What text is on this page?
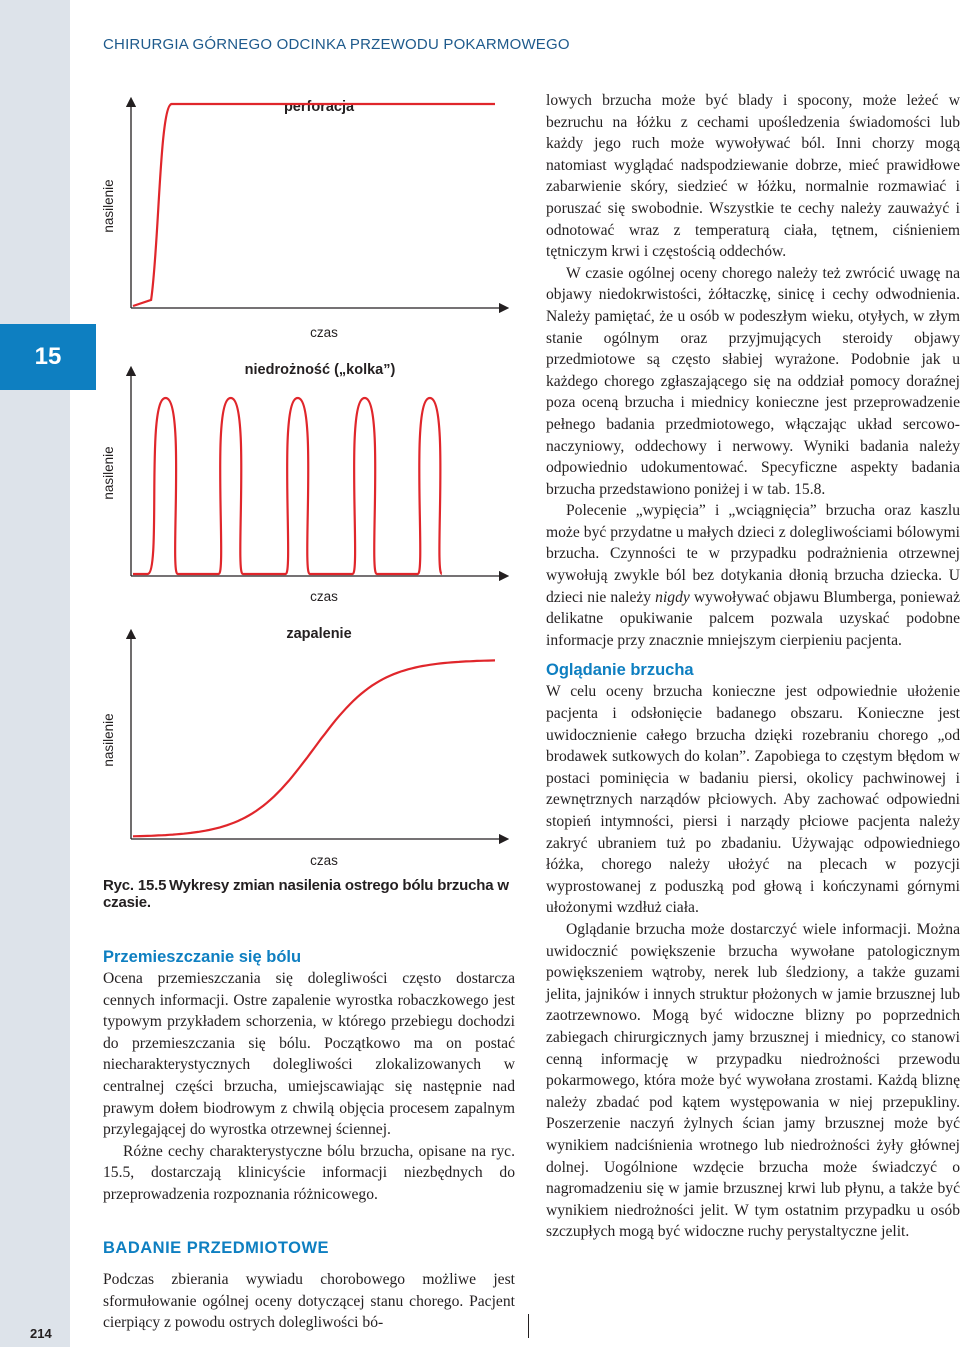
15
214
CHIRURGIA GÓRNEGO ODCINKA PRZEWODU POKARMOWEGO
perforacja
nasilenie
czas
niedrożność („kolka”)
nasilenie
czas
zapalenie
nasilenie
czas
Ryc. 15.5 Wykresy zmian nasilenia ostrego bólu brzucha w czasie.
Przemieszczanie się bólu

Ocena przemieszczania się dolegliwości często dostarcza cennych informacji. Ostre zapalenie wyrostka robaczkowego jest typowym przykładem schorzenia, w którego przebiegu dochodzi do przemieszczania się bólu. Początkowo ma on postać niecharakterystycznych dolegliwości zlokalizowanych w centralnej części brzucha, umiejscawiając się następnie nad prawym dołem biodrowym z chwilą objęcia procesem zapalnym przylegającej do wyrostka otrzewnej ściennej.

Różne cechy charakterystyczne bólu brzucha, opisane na ryc. 15.5, dostarczają klinicyście informacji niezbędnych do przeprowadzenia rozpoznania różnicowego.

BADANIE PRZEDMIOTOWE

Podczas zbierania wywiadu chorobowego możliwe jest sformułowanie ogólnej oceny dotyczącej stanu chorego. Pacjent cierpiący z powodu ostrych dolegliwości bó-

lowych brzucha może być blady i spocony, może leżeć w bezruchu na łóżku z cechami upośledzenia świadomości lub każdy jego ruch może wywoływać ból. Inni chorzy mogą natomiast wyglądać nadspodziewanie dobrze, mieć prawidłowe zabarwienie skóry, siedzieć w łóżku, normalnie rozmawiać i poruszać się swobodnie. Wszystkie te cechy należy zauważyć i odnotować wraz z temperaturą ciała, tętnem, ciśnieniem tętniczym krwi i częstością oddechów.

W czasie ogólnej oceny chorego należy też zwrócić uwagę na objawy niedokrwistości, żółtaczkę, sinicę i cechy odwodnienia. Należy pamiętać, że u osób w podeszłym wieku, otyłych, w złym stanie ogólnym oraz przyjmujących steroidy objawy przedmiotowe są często słabiej wyrażone. Podobnie jak u każdego chorego zgłaszającego się na oddział pomocy doraźnej poza oceną brzucha i miednicy konieczne jest przeprowadzenie pełnego badania przedmiotowego, włączając układ sercowo-naczyniowy, oddechowy i nerwowy. Wyniki badania należy odpowiednio udokumentować. Specyficzne aspekty badania brzucha przedstawiono poniżej i w tab. 15.8.

Polecenie „wypięcia” i „wciągnięcia” brzucha oraz kaszlu może być przydatne u małych dzieci z dolegliwościami bólowymi brzucha. Czynności te w przypadku podrażnienia otrzewnej wywołują zwykle ból bez dotykania dłonią brzucha dziecka. U dzieci nie należy nigdy wywoływać objawu Blumberga, ponieważ delikatne opukiwanie palcem pozwala uzyskać podobne informacje przy znacznie mniejszym cierpieniu pacjenta.

Oglądanie brzucha

W celu oceny brzucha konieczne jest odpowiednie ułożenie pacjenta i odsłonięcie badanego obszaru. Konieczne jest uwidocznienie całego brzucha dzięki rozebraniu chorego „od brodawek sutkowych do kolan”. Zapobiega to częstym błędom w postaci pominięcia w badaniu piersi, okolicy pachwinowej i zewnętrznych narządów płciowych. Aby zachować odpowiedni stopień intymności, piersi i narządy płciowe pacjenta należy zakryć ubraniem tuż po zbadaniu. Używając odpowiedniego łóżka, chorego należy ułożyć na plecach w pozycji wyprostowanej z poduszką pod głową i kończynami górnymi ułożonymi wzdłuż ciała.

Oglądanie brzucha może dostarczyć wiele informacji. Można uwidocznić powiększenie brzucha wywołane patologicznym powiększeniem wątroby, nerek lub śledziony, a także guzami jelita, jajników i innych struktur płożonych w jamie brzusznej lub zaotrzewnowo. Mogą być widoczne blizny po poprzednich zabiegach chirurgicznych jamy brzusznej i miednicy, co stanowi cenną informację w przypadku niedrożności przewodu pokarmowego, która może być wywołana zrostami. Każdą bliznę należy zbadać pod kątem występowania w niej przepukliny. Poszerzenie naczyń żylnych ścian jamy brzusznej może być wynikiem nadciśnienia wrotnego lub niedrożności żyły głównej dolnej. Uogólnione wzdęcie brzucha może świadczyć o nagromadzeniu się w jamie brzusznej krwi lub płynu, a także być wynikiem niedrożności jelit. W tym ostatnim przypadku u osób szczupłych mogą być widoczne ruchy perystaltyczne jelit.
